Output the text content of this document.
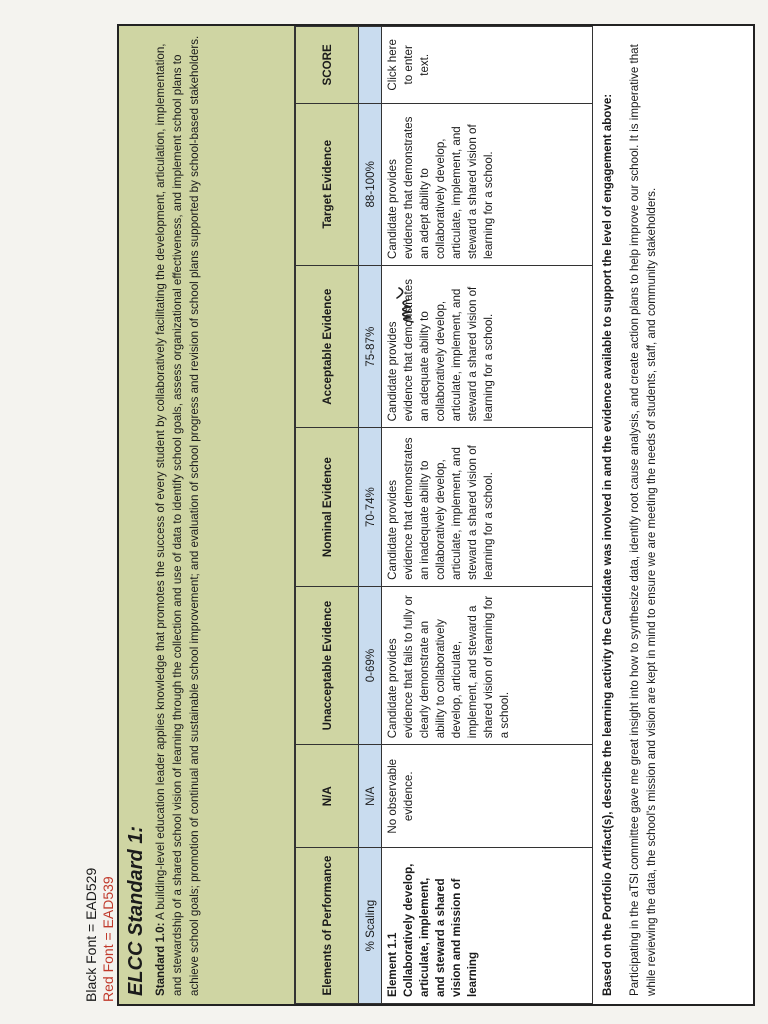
Black Font = EAD529 Red Font = EAD539 ELCC Standard 1: Standard 1.0: A building-level education leader applies knowledge that promotes the success of every student by collaboratively facilitating the development, articulation, implementation, and stewardship of a shared school vision of learning through the collection and use of data to identify school goals, assess organizational effectiveness, and implement school plans to achieve school goals; promotion of continual and sustainable school improvement; and evaluation of school progress and revision of school plans supported by school-based stakeholders.	Elements of Performance	N/A	Unacceptable Evidence	Nominal Evidence	Acceptable Evidence	Target Evidence	SCORE
% Scaling	N/A	0-69%	70-74%	75-87%	88-100%	

Element 1.1 Collaboratively develop, articulate, implement, and steward a shared vision and mission of learning	No observable evidence.	Candidate provides evidence that fails to fully or clearly demonstrate an ability to collaboratively develop, articulate, implement, and steward a shared vision of learning for a school.	Candidate provides evidence that demonstrates an inadequate ability to collaboratively develop, articulate, implement, and steward a shared vision of learning for a school.	Candidate provides evidence that demonstrates an adequate ability to collaboratively develop, articulate, implement, and steward a shared vision of learning for a school.	Candidate provides evidence that demonstrates an adept ability to collaboratively develop, articulate, implement, and steward a shared vision of learning for a school.	Click here to enter text.
Based on the Portfolio Artifact(s), describe the learning activity the Candidate was involved in and the evidence available to support the level of engagement above: Participating in the aTSI committee gave me great insight into how to synthesize data, identify root cause analysis, and create action plans to help improve our school. It is imperative that while reviewing the data, the school's mission and vision are kept in mind to ensure we are meeting the needs of students, staff, and community stakeholders.
